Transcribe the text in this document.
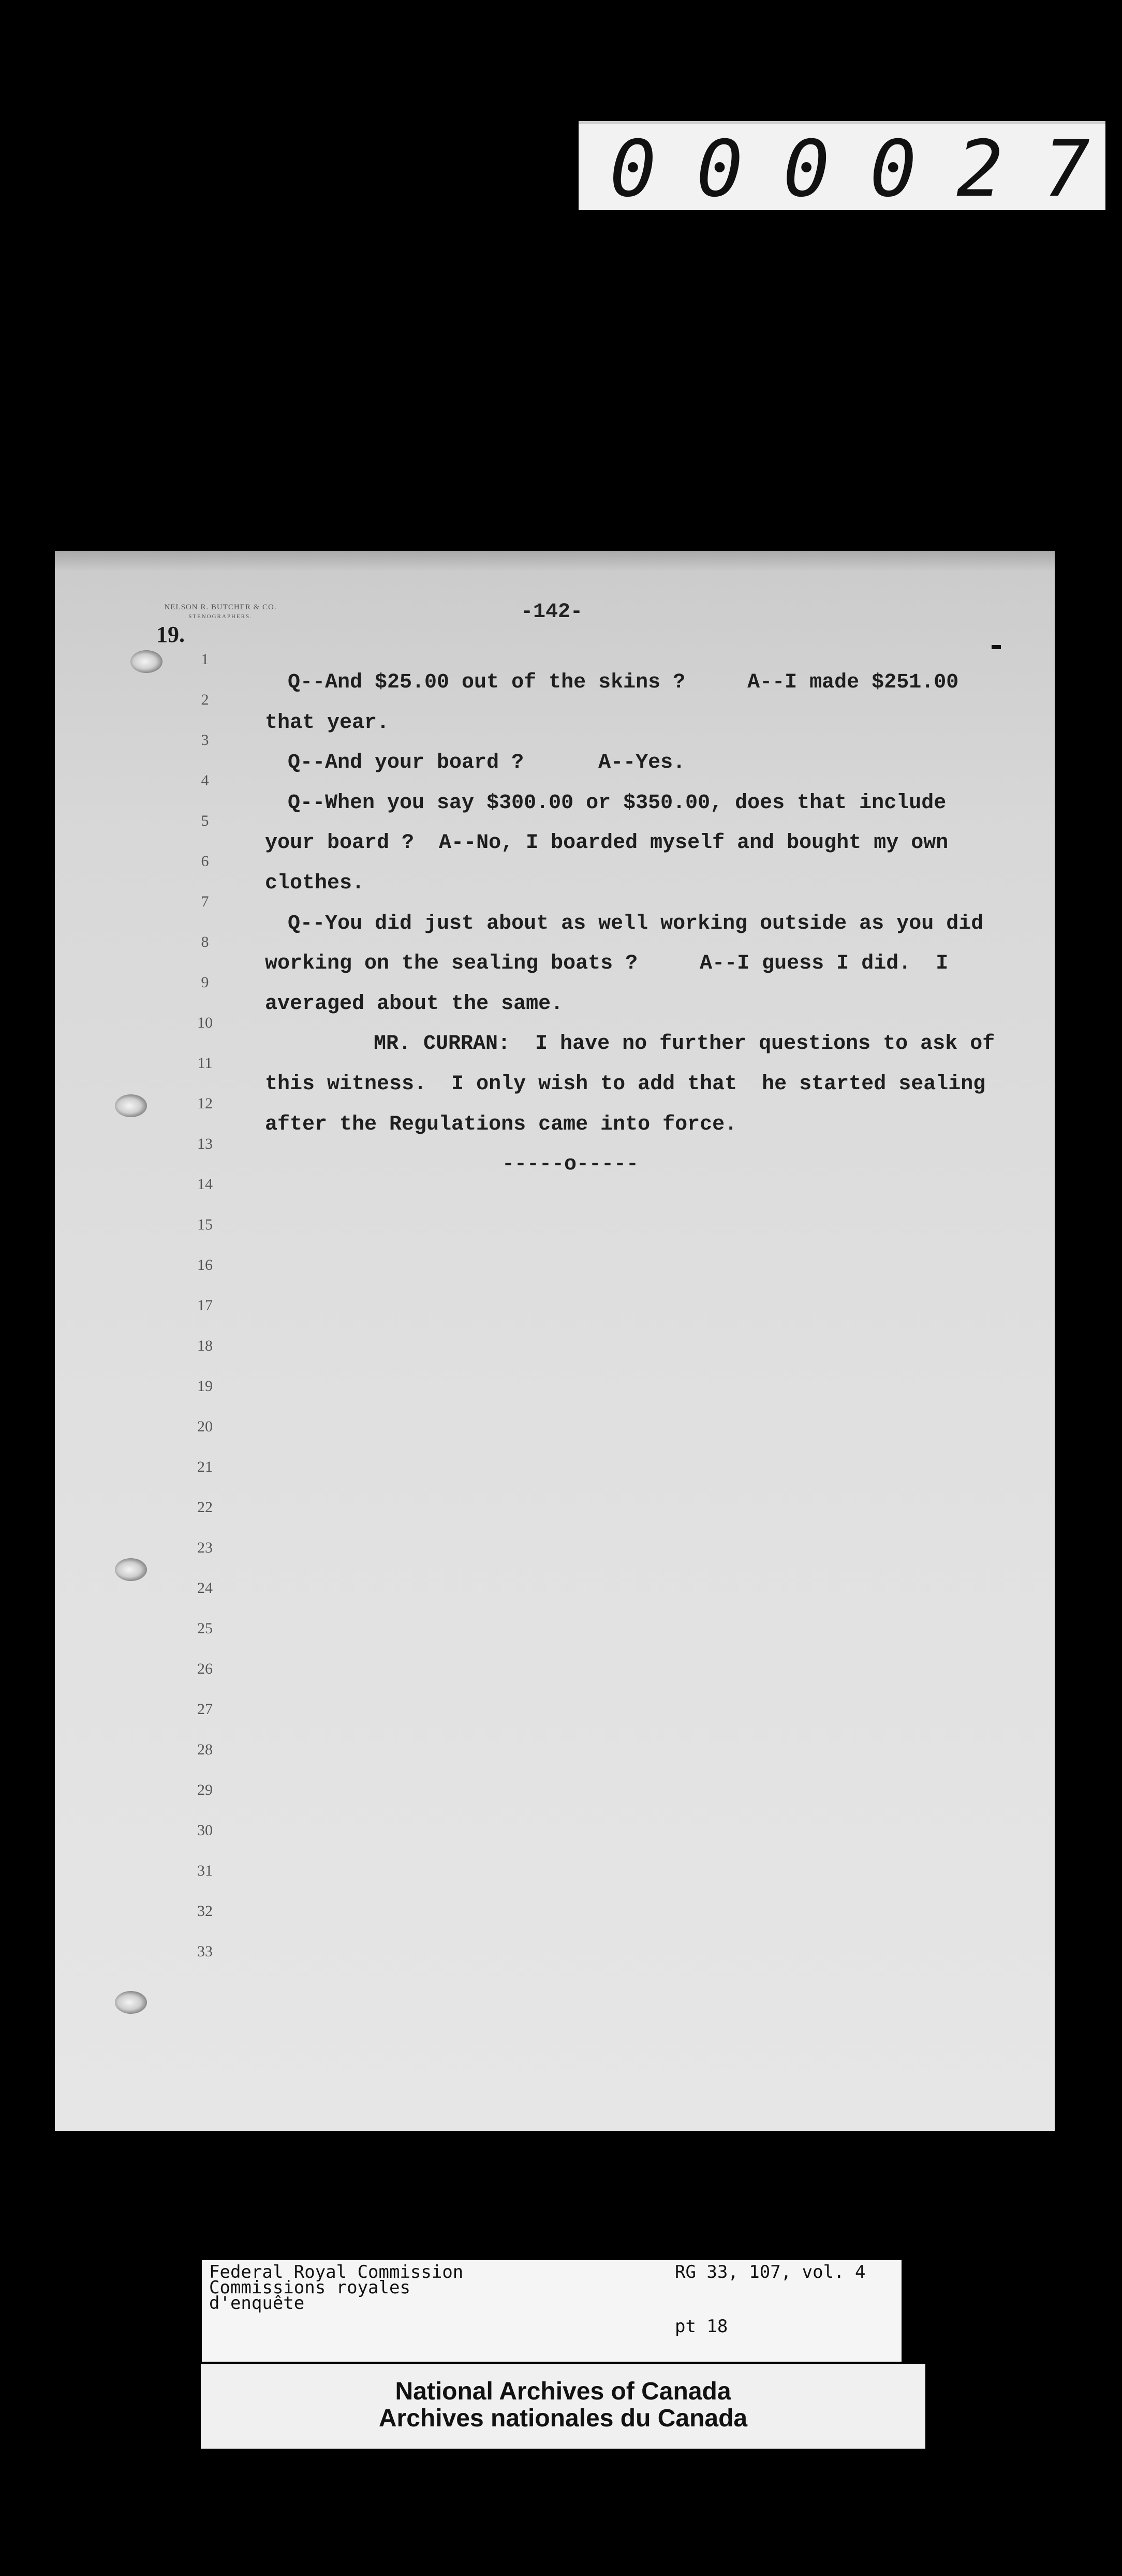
0 0 0 0 2 7
NELSON R. BUTCHER & CO.
STENOGRAPHERS.	-142-
19.
1
2
3
4
5
6
7
8
9
10
11
12
13
14
15
16
17
18
19
20
21
22
23
24
25
26
27
28
29
30
31
32
33
Q--And $25.00 out of the skins ?     A--I made $251.00
that year.
Q--And your board ?      A--Yes.
Q--When you say $300.00 or $350.00, does that include
your board ?  A--No, I boarded myself and bought my own
clothes.
Q--You did just about as well working outside as you did
working on the sealing boats ?     A--I guess I did.  I
averaged about the same.
MR. CURRAN:  I have no further questions to ask of
this witness.  I only wish to add that  he started sealing
after the Regulations came into force.
-----o-----
Federal Royal Commission
Commissions royales
d'enquête
RG 33, 107, vol. 4
pt 18
National Archives of Canada
Archives nationales du Canada
